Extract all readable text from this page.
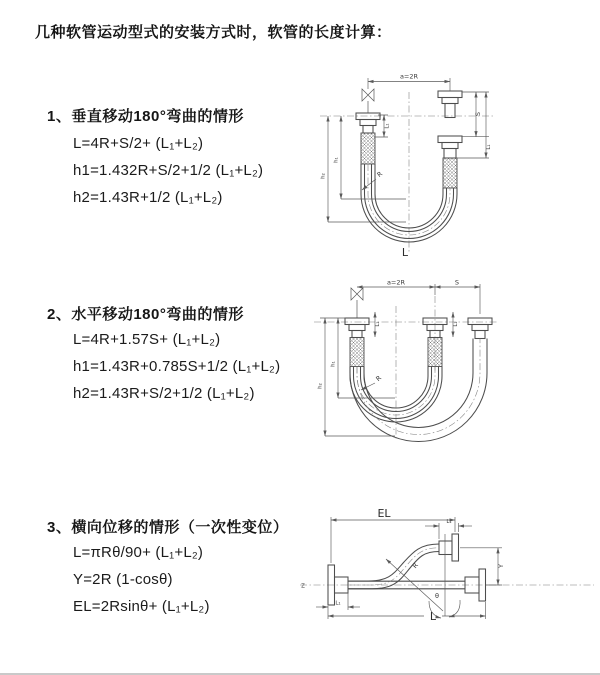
几种软管运动型式的安装方式时，软管的长度计算：
1、垂直移动180°弯曲的情形
L=4R+S/2+ (L₁+L₂)
h1=1.432R+S/2+1/2 (L₁+L₂)
h2=1.43R+1/2 (L₁+L₂)
2、水平移动180°弯曲的情形
L=4R+1.57S+ (L₁+L₂)
h1=1.43R+0.785S+1/2 (L₁+L₂)
h2=1.43R+S/2+1/2 (L₁+L₂)
3、横向位移的情形（一次性变位）
L=πRθ/90+ (L₁+L₂)
Y=2R (1-cosθ)
EL=2Rsinθ+ (L₁+L₂)
a=2R
L₁
S
L₁
h₁
h₂	R
L
a=2R	S
L₁	L₁
h₁
h₂
R
Z
R
θ
EL
L₁
Y
L₁
L
